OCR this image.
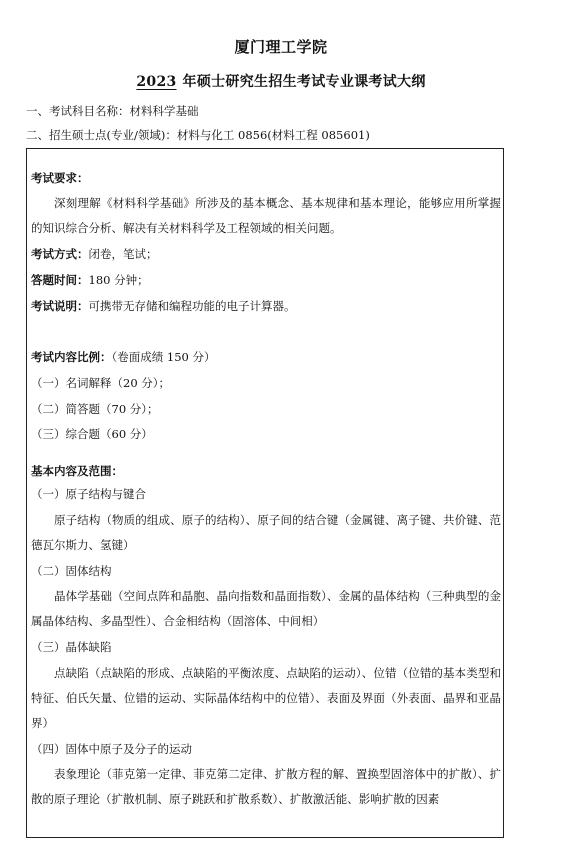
厦门理工学院
2023 年硕士研究生招生考试专业课考试大纲
一、考试科目名称：材料科学基础
二、招生硕士点(专业/领域)：材料与化工 0856(材料工程 085601)
考试要求：
深刻理解《材料科学基础》所涉及的基本概念、基本规律和基本理论，能够应用所掌握的知识综合分析、解决有关材料科学及工程领域的相关问题。
考试方式：闭卷，笔试；
答题时间：180 分钟；
考试说明：可携带无存储和编程功能的电子计算器。
考试内容比例：（卷面成绩 150 分）
（一）名词解释（20 分）；
（二）简答题（70 分）；
（三）综合题（60 分）
基本内容及范围：
（一）原子结构与键合
原子结构（物质的组成、原子的结构）、原子间的结合键（金属键、离子键、共价键、范德瓦尔斯力、氢键）
（二）固体结构
晶体学基础（空间点阵和晶胞、晶向指数和晶面指数）、金属的晶体结构（三种典型的金属晶体结构、多晶型性）、合金相结构（固溶体、中间相）
（三）晶体缺陷
点缺陷（点缺陷的形成、点缺陷的平衡浓度、点缺陷的运动）、位错（位错的基本类型和特征、伯氏矢量、位错的运动、实际晶体结构中的位错）、表面及界面（外表面、晶界和亚晶界）
（四）固体中原子及分子的运动
表象理论（菲克第一定律、菲克第二定律、扩散方程的解、置换型固溶体中的扩散）、扩散的原子理论（扩散机制、原子跳跃和扩散系数）、扩散激活能、影响扩散的因素
